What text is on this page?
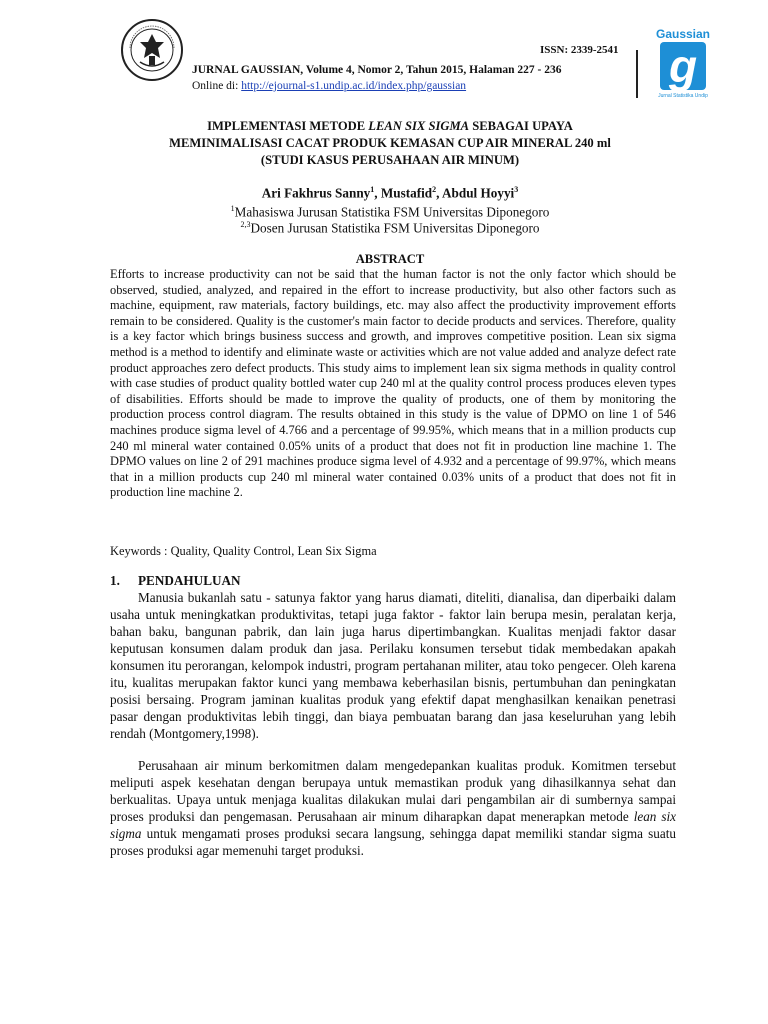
ISSN: 2339-2541
JURNAL GAUSSIAN, Volume 4, Nomor 2, Tahun 2015, Halaman 227 - 236
Online di: http://ejournal-s1.undip.ac.id/index.php/gaussian
Gaussian
g
Jurnal Statistika Undip
IMPLEMENTASI METODE LEAN SIX SIGMA SEBAGAI UPAYA
MEMINIMALISASI CACAT PRODUK KEMASAN CUP AIR MINERAL 240 ml
(STUDI KASUS PERUSAHAAN AIR MINUM)
Ari Fakhrus Sanny$^1$, Mustafid$^2$, Abdul Hoyyi$^3$
$^1$Mahasiswa Jurusan Statistika FSM Universitas Diponegoro
$^{2,3}$Dosen Jurusan Statistika FSM Universitas Diponegoro
ABSTRACT
Efforts to increase productivity can not be said that the human factor is not the only factor which should be observed, studied, analyzed, and repaired in the effort to increase productivity, but also other factors such as machine, equipment, raw materials, factory buildings, etc. may also affect the productivity improvement efforts remain to be considered. Quality is the customer's main factor to decide products and services. Therefore, quality is a key factor which brings business success and growth, and improves competitive position. Lean six sigma method is a method to identify and eliminate waste or activities which are not value added and analyze defect rate product approaches zero defect products. This study aims to implement lean six sigma methods in quality control with case studies of product quality bottled water cup 240 ml at the quality control process produces eleven types of disabilities. Efforts should be made to improve the quality of products, one of them by monitoring the production process control diagram. The results obtained in this study is the value of DPMO on line 1 of 546 machines produce sigma level of 4.766 and a percentage of 99.95%, which means that in a million products cup 240 ml mineral water contained 0.05% units of a product that does not fit in production line machine 1. The DPMO values on line 2 of 291 machines produce sigma level of 4.932 and a percentage of 99.97%, which means that in a million products cup 240 ml mineral water contained 0.03% units of a product that does not fit in production line machine 2.
Keywords : Quality, Quality Control, Lean Six Sigma
1. PENDAHULUAN
Manusia bukanlah satu - satunya faktor yang harus diamati, diteliti, dianalisa, dan diperbaiki dalam usaha untuk meningkatkan produktivitas, tetapi juga faktor - faktor lain berupa mesin, peralatan kerja, bahan baku, bangunan pabrik, dan lain juga harus dipertimbangkan. Kualitas menjadi faktor dasar keputusan konsumen dalam produk dan jasa. Perilaku konsumen tersebut tidak membedakan apakah konsumen itu perorangan, kelompok industri, program pertahanan militer, atau toko pengecer. Oleh karena itu, kualitas merupakan faktor kunci yang membawa keberhasilan bisnis, pertumbuhan dan peningkatan posisi bersaing. Program jaminan kualitas produk yang efektif dapat menghasilkan kenaikan penetrasi pasar dengan produktivitas lebih tinggi, dan biaya pembuatan barang dan jasa keseluruhan yang lebih rendah (Montgomery,1998).
Perusahaan air minum berkomitmen dalam mengedepankan kualitas produk. Komitmen tersebut meliputi aspek kesehatan dengan berupaya untuk memastikan produk yang dihasilkannya sehat dan berkualitas. Upaya untuk menjaga kualitas dilakukan mulai dari pengambilan air di sumbernya sampai proses produksi dan pengemasan. Perusahaan air minum diharapkan dapat menerapkan metode lean six sigma untuk mengamati proses produksi secara langsung, sehingga dapat memiliki standar sigma suatu proses produksi agar memenuhi target produksi.
